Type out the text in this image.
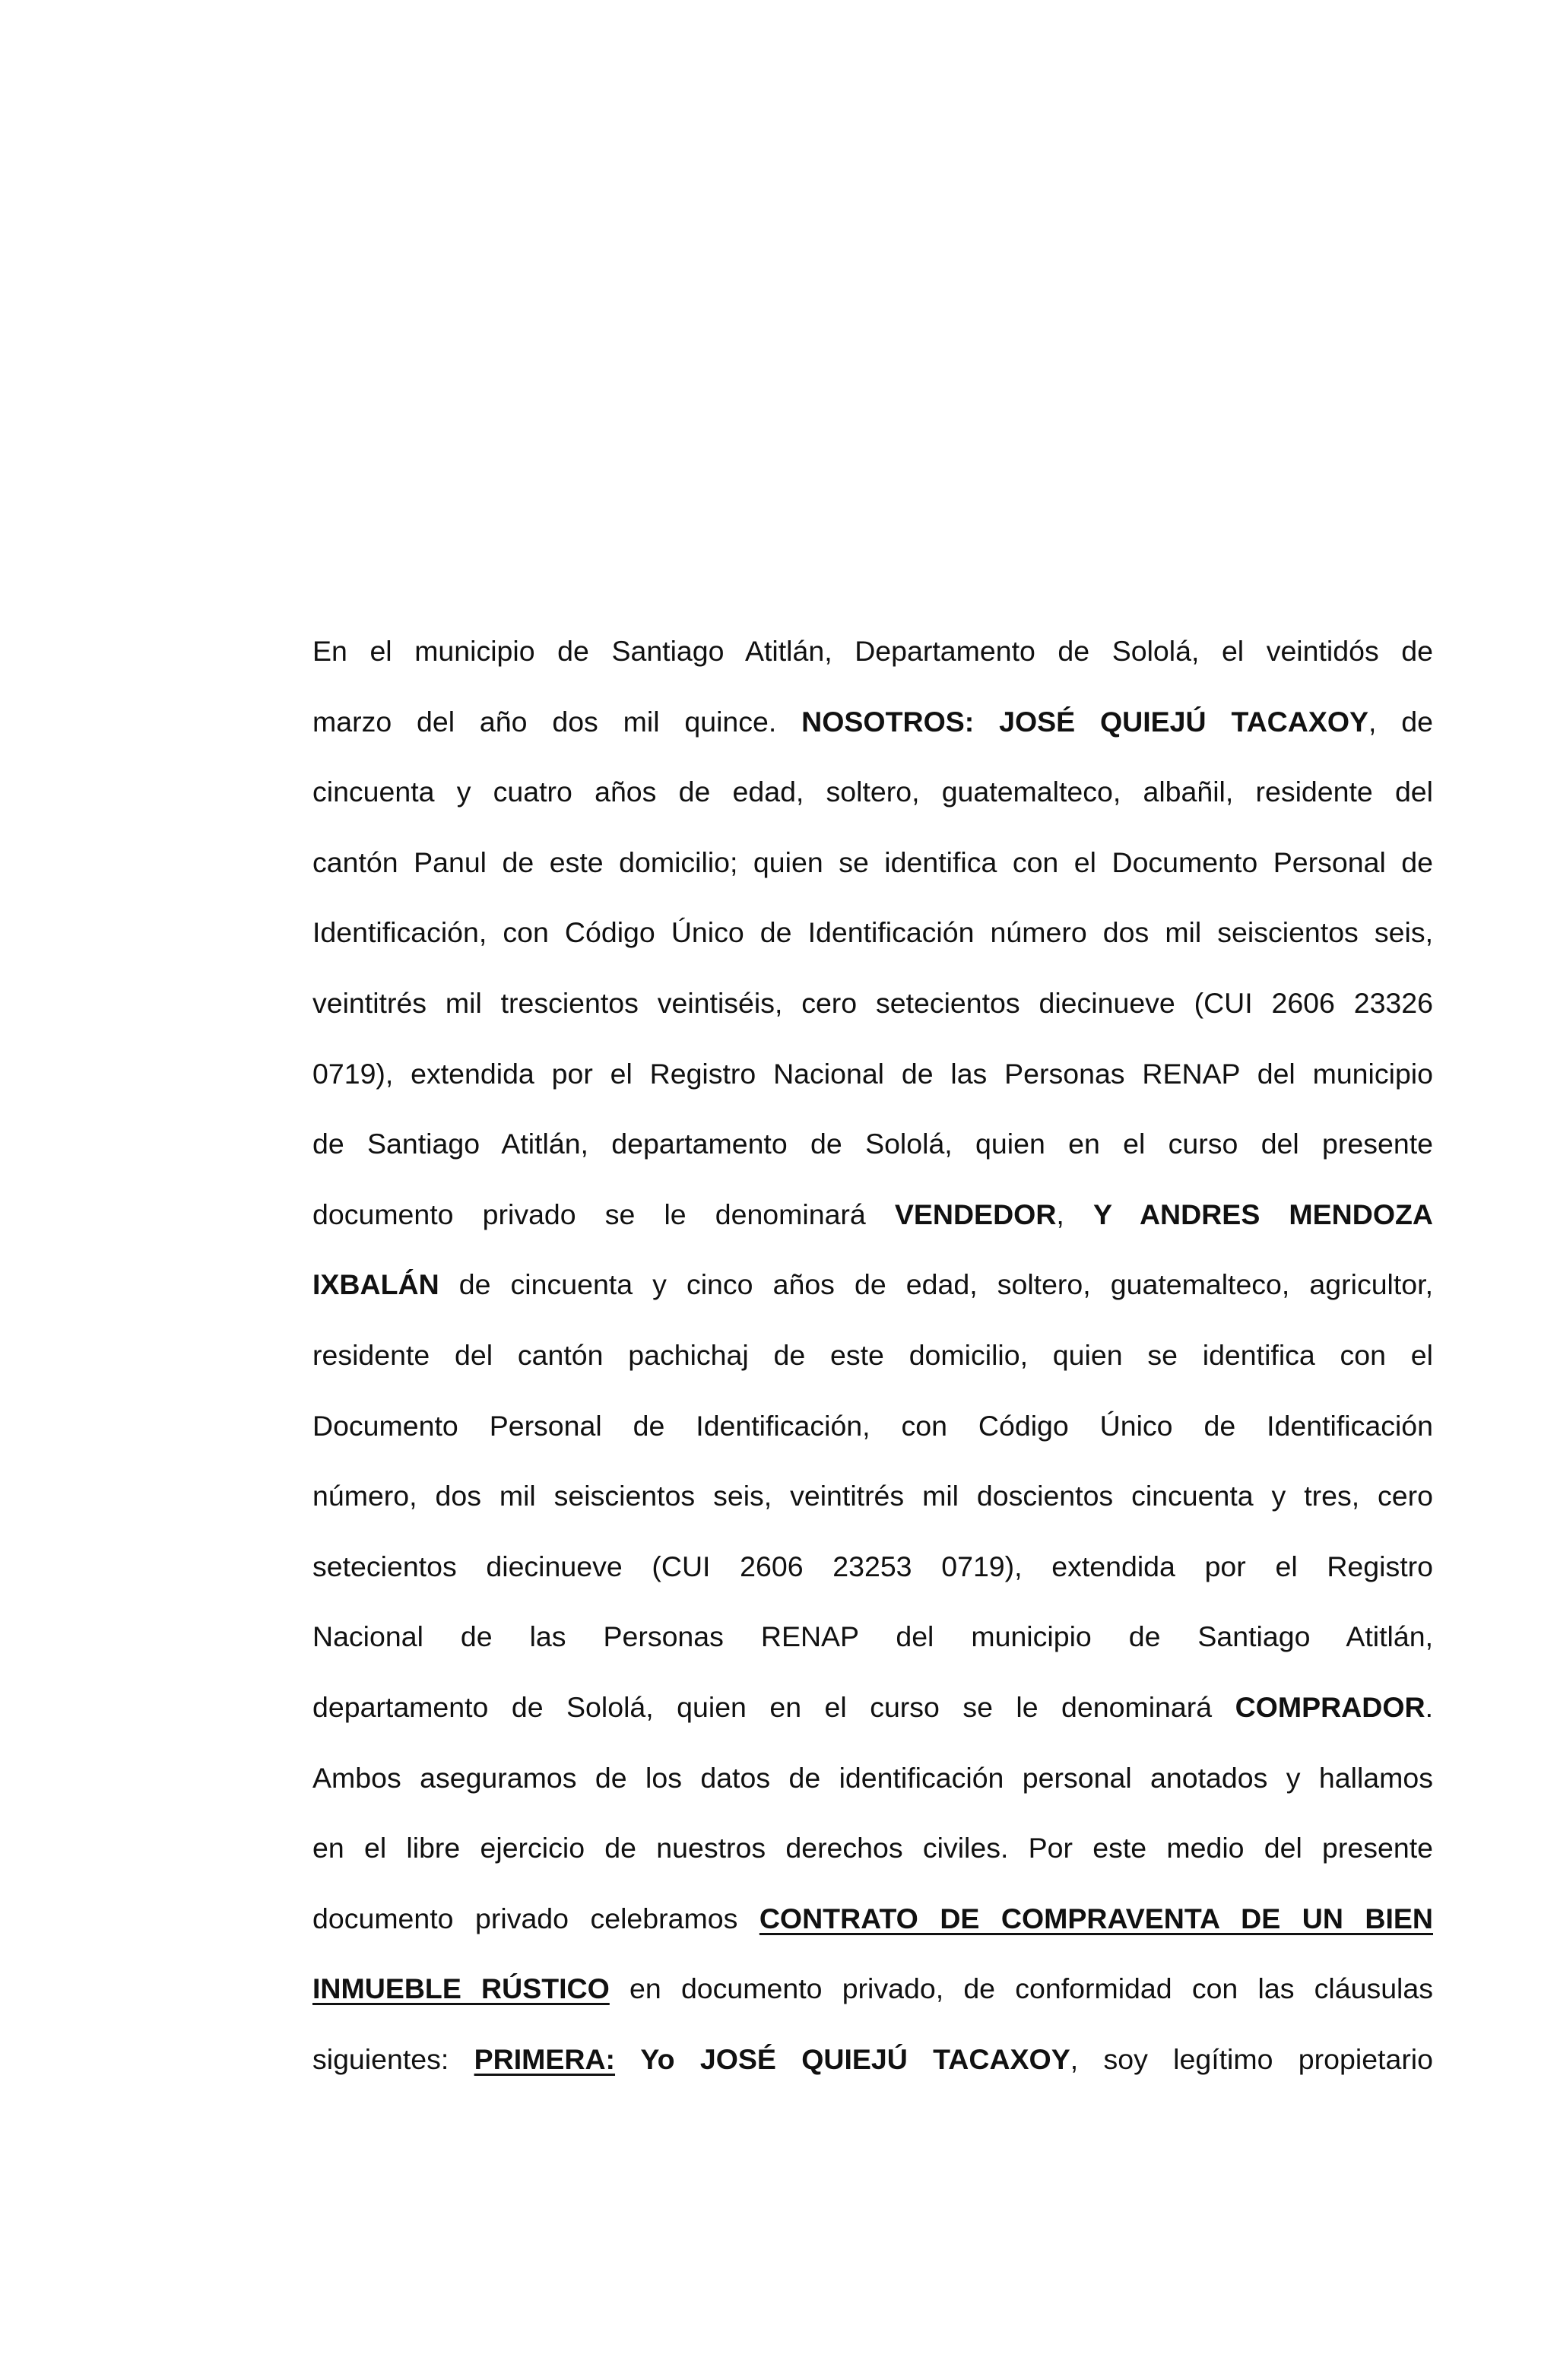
En el municipio de Santiago Atitlán, Departamento de Sololá, el veintidós de
marzo del año dos mil quince. NOSOTROS: JOSÉ QUIEJÚ TACAXOY, de
cincuenta y cuatro años de edad, soltero, guatemalteco, albañil, residente del
cantón Panul de este domicilio; quien se identifica con el Documento Personal de
Identificación, con Código Único de Identificación número dos mil seiscientos seis,
veintitrés mil trescientos veintiséis, cero setecientos diecinueve (CUI 2606 23326
0719), extendida por el Registro Nacional de las Personas RENAP del municipio
de Santiago Atitlán, departamento de Sololá, quien en el curso del presente
documento privado se le denominará VENDEDOR, Y ANDRES MENDOZA
IXBALÁN de cincuenta y cinco años de edad, soltero, guatemalteco, agricultor,
residente del cantón pachichaj de este domicilio, quien se identifica con el
Documento Personal de Identificación, con Código Único de Identificación
número, dos mil seiscientos seis, veintitrés mil doscientos cincuenta y tres, cero
setecientos diecinueve (CUI 2606 23253 0719), extendida por el Registro
Nacional de las Personas RENAP del municipio de Santiago Atitlán,
departamento de Sololá, quien en el curso se le denominará COMPRADOR.
Ambos aseguramos de los datos de identificación personal anotados y hallamos
en el libre ejercicio de nuestros derechos civiles. Por este medio del presente
documento privado celebramos CONTRATO DE COMPRAVENTA DE UN BIEN
INMUEBLE RÚSTICO en documento privado, de conformidad con las cláusulas
siguientes: PRIMERA: Yo JOSÉ QUIEJÚ TACAXOY, soy legítimo propietario
